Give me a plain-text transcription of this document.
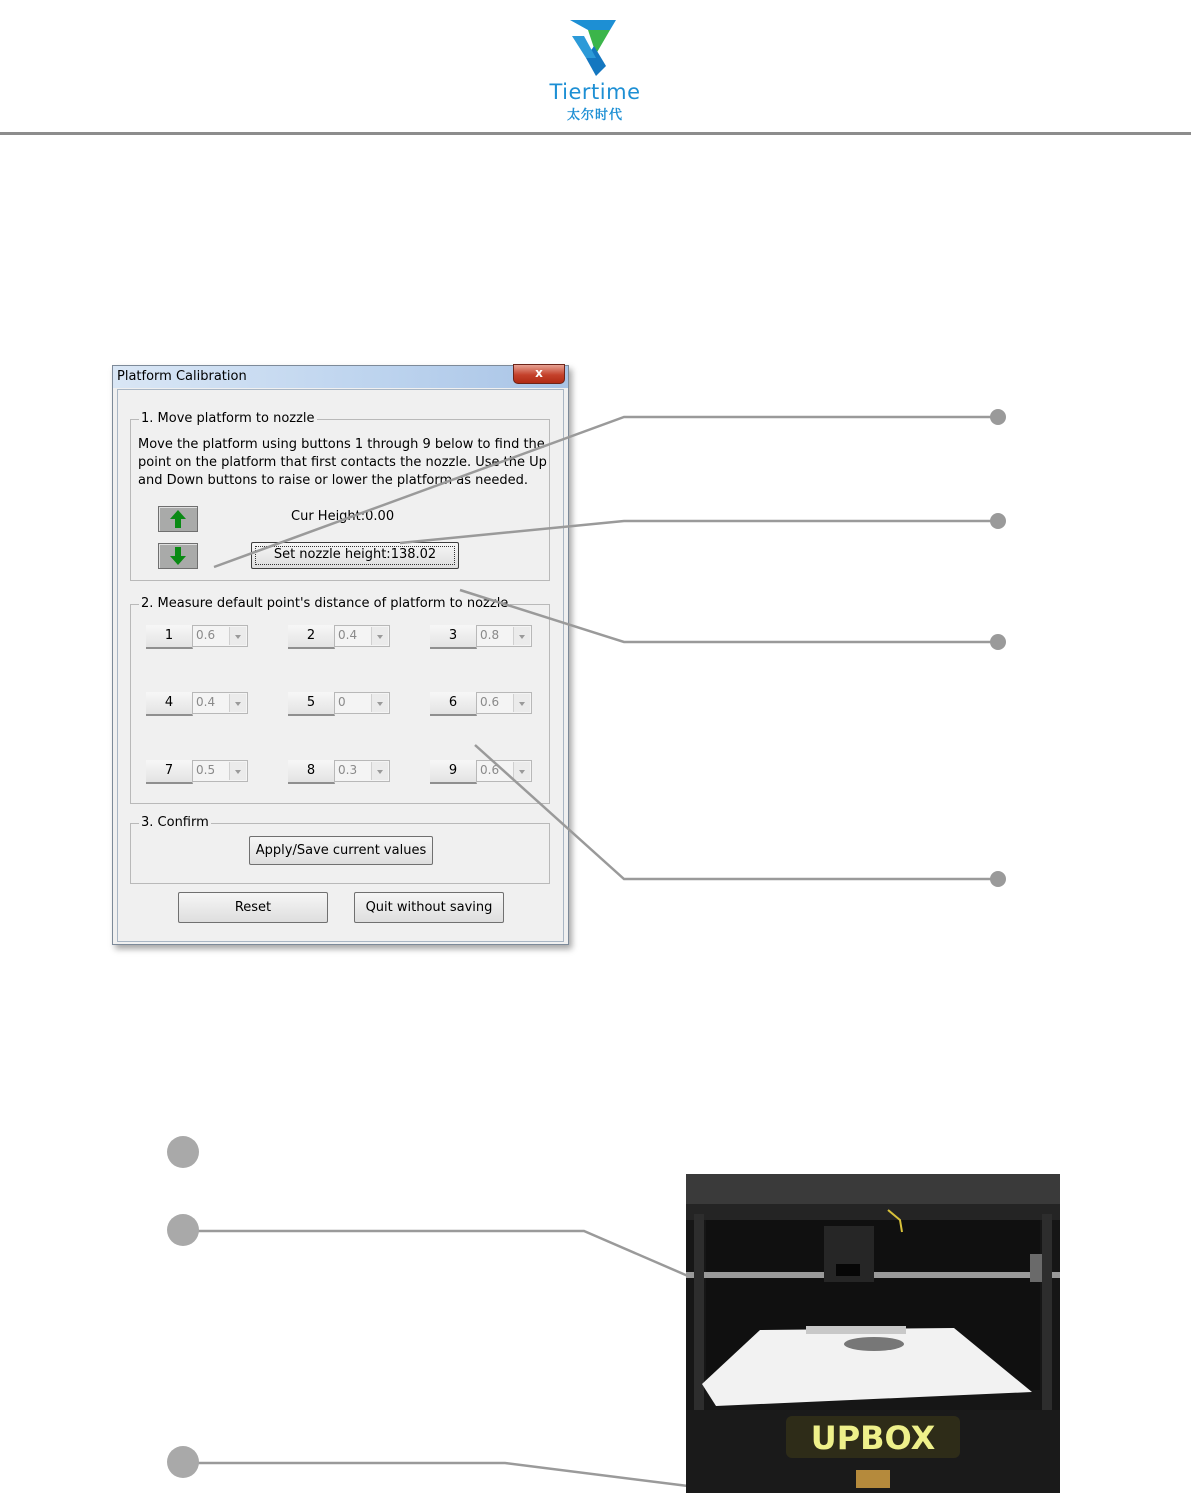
Tiertime
太尔时代
Platform Calibration	x
1. Move platform to nozzle
Move the platform using buttons 1 through 9 below to find the point on the platform that first contacts the nozzle. Use the Up and Down buttons to raise or lower the platform as needed.
Cur Height:0.00
Set nozzle height:138.02
2. Measure default point's distance of platform to nozzle
1	0.6	2	0.4	3	0.8
4	0.4	5	0	6	0.6
7	0.5	8	0.3	9	0.6
3. Confirm
Apply/Save current values
Reset	Quit without saving
UPBOX
